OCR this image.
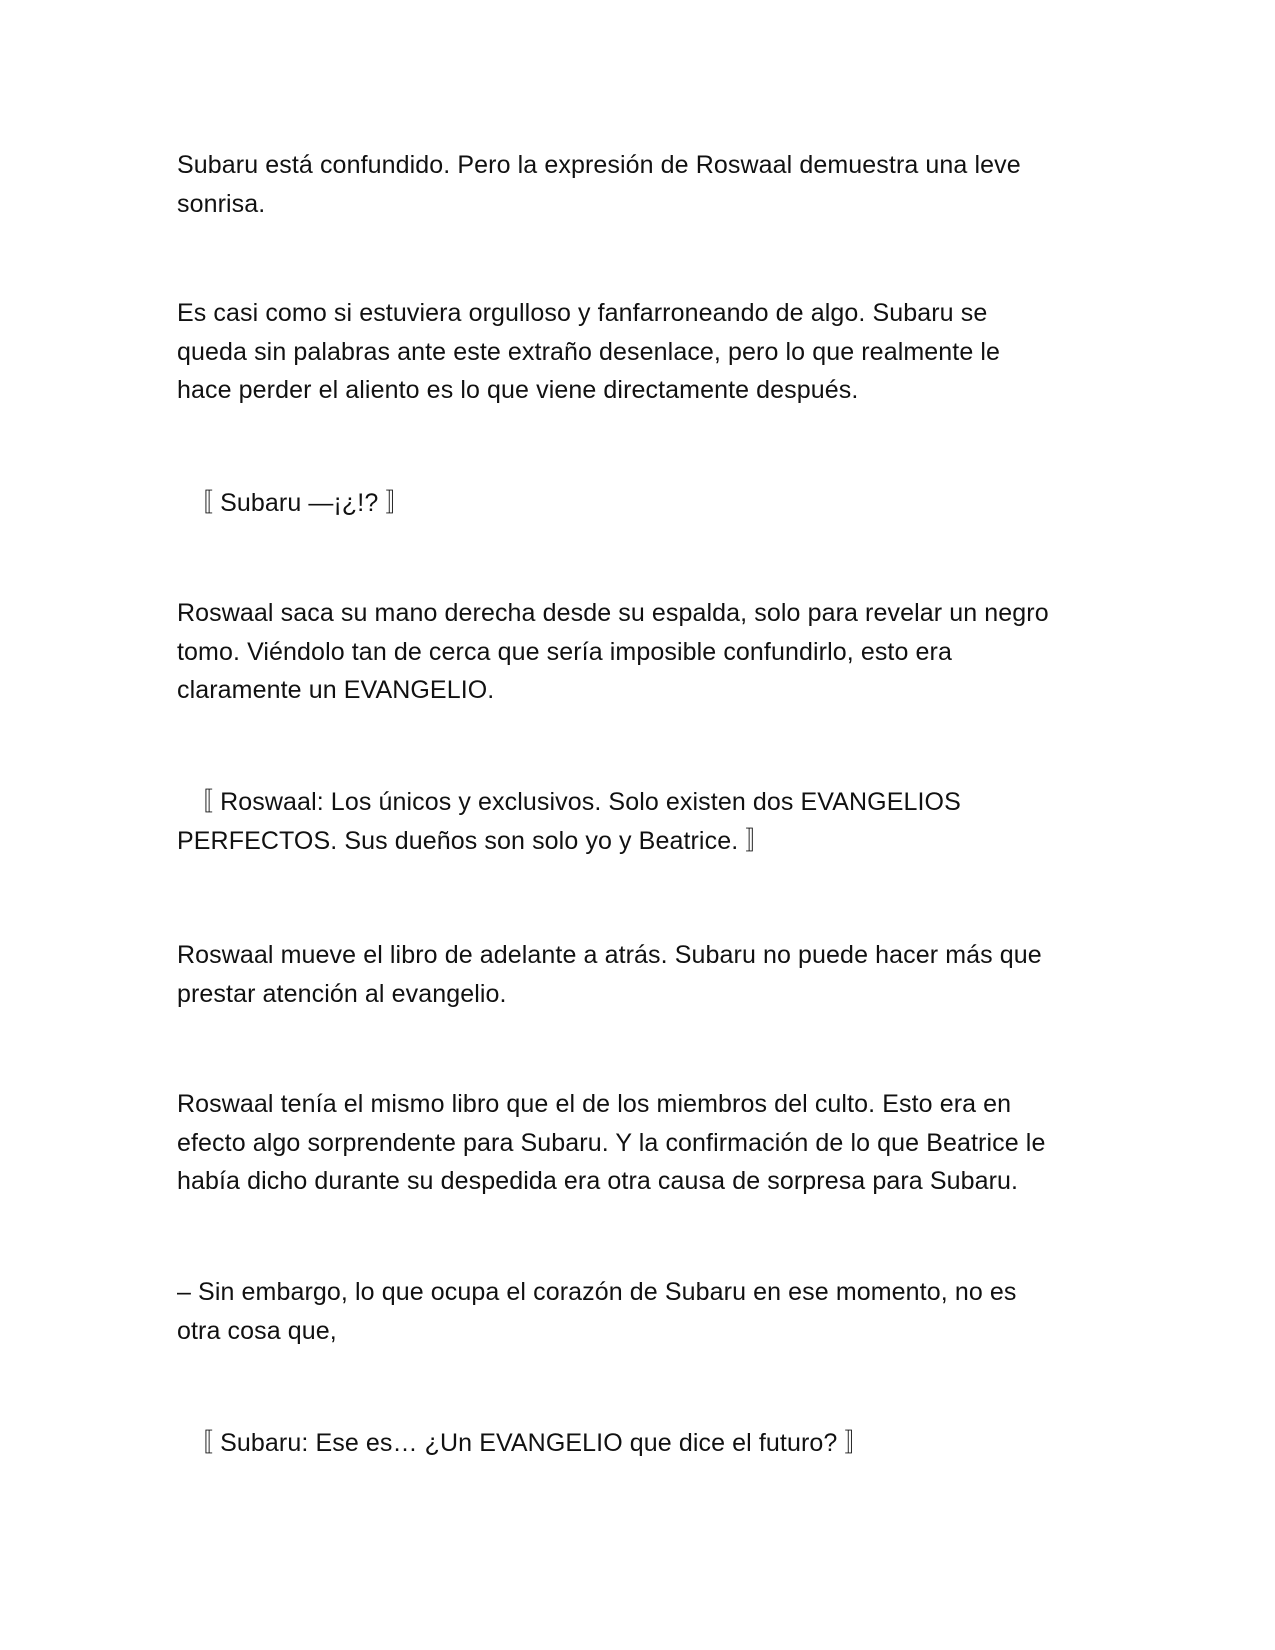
Subaru está confundido. Pero la expresión de Roswaal demuestra una leve
sonrisa.

Es casi como si estuviera orgulloso y fanfarroneando de algo. Subaru se
queda sin palabras ante este extraño desenlace, pero lo que realmente le
hace perder el aliento es lo que viene directamente después.

〚 Subaru —¡¿!? 〛

Roswaal saca su mano derecha desde su espalda, solo para revelar un negro
tomo. Viéndolo tan de cerca que sería imposible confundirlo, esto era
claramente un EVANGELIO.

〚 Roswaal: Los únicos y exclusivos. Solo existen dos EVANGELIOS
PERFECTOS. Sus dueños son solo yo y Beatrice. 〛

Roswaal mueve el libro de adelante a atrás. Subaru no puede hacer más que
prestar atención al evangelio.

Roswaal tenía el mismo libro que el de los miembros del culto. Esto era en
efecto algo sorprendente para Subaru. Y la confirmación de lo que Beatrice le
había dicho durante su despedida era otra causa de sorpresa para Subaru.

– Sin embargo, lo que ocupa el corazón de Subaru en ese momento, no es
otra cosa que,

〚 Subaru: Ese es… ¿Un EVANGELIO que dice el futuro? 〛
